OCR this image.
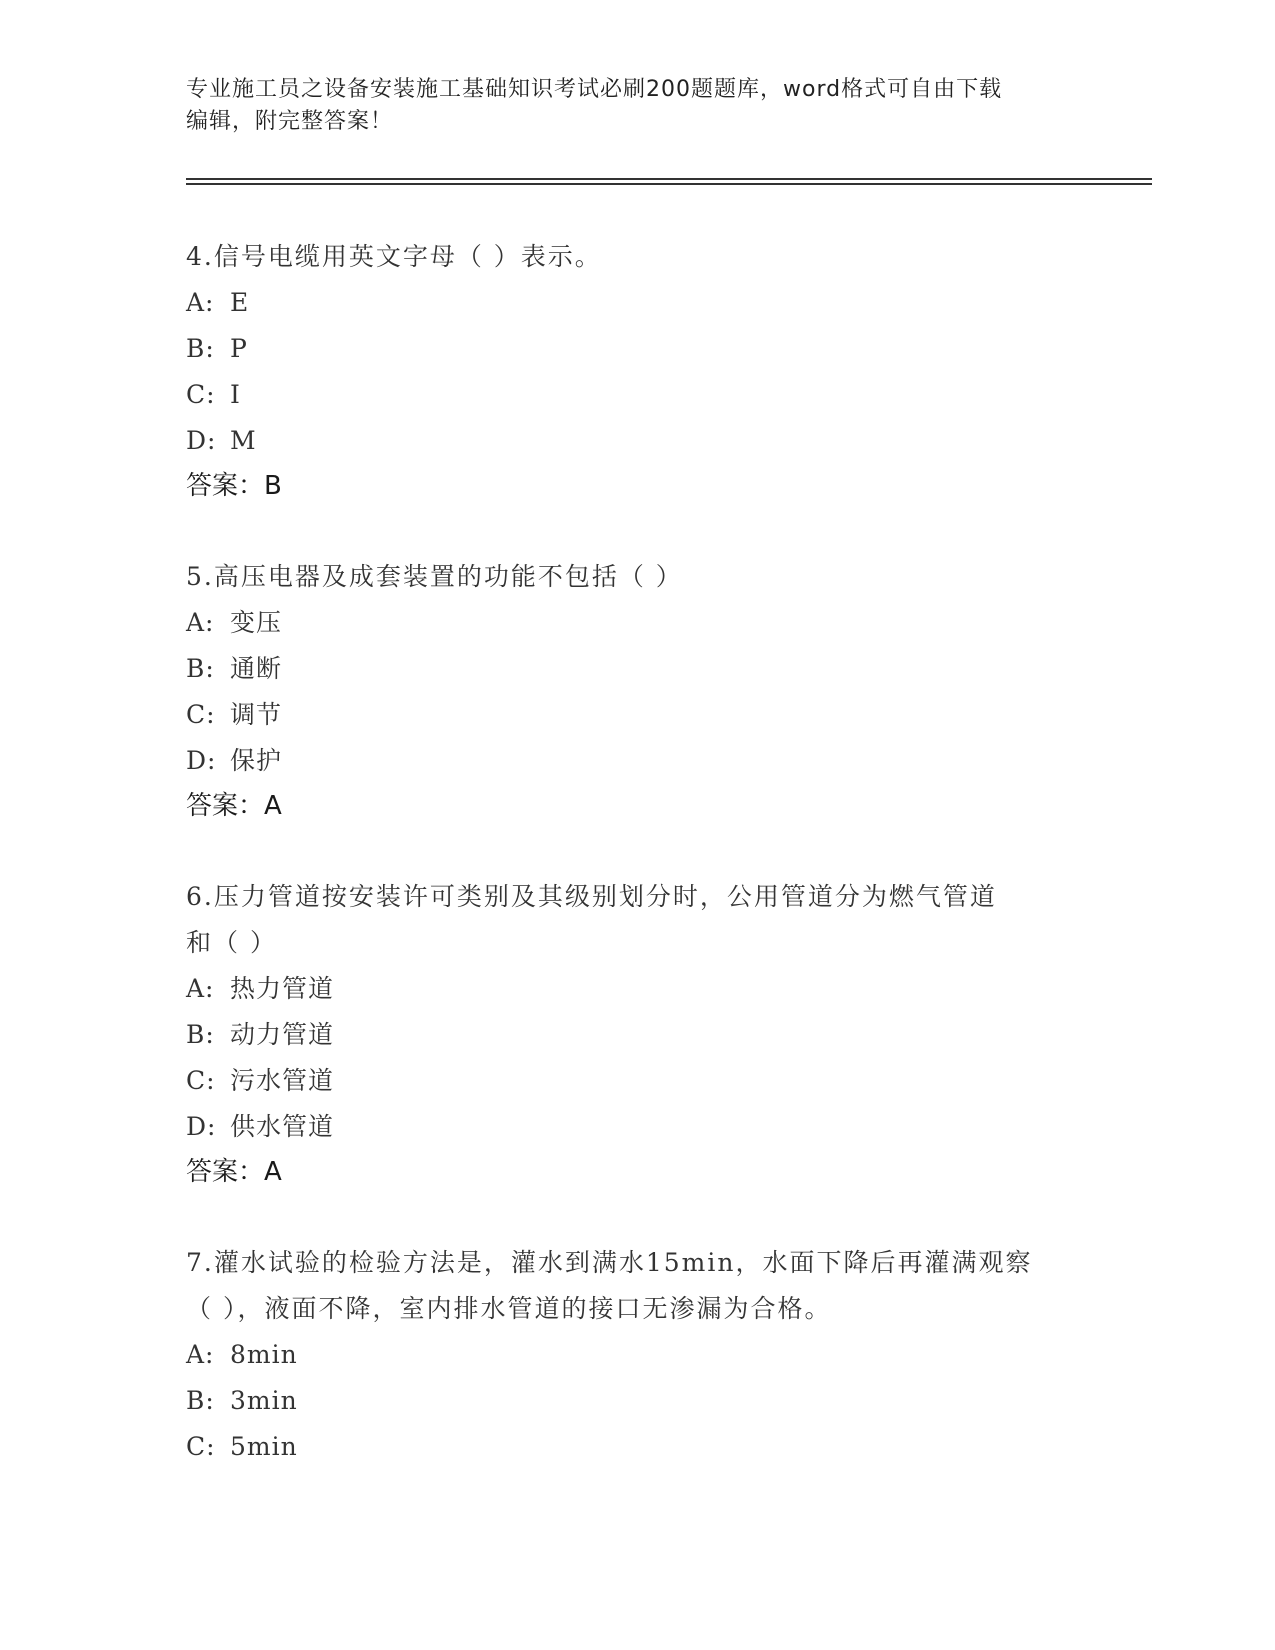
专业施工员之设备安装施工基础知识考试必刷200题题库，word格式可自由下载
编辑，附完整答案！

4.信号电缆用英文字母（ ）表示。

A: E

B: P

C: I

D: M

答案：B

5.高压电器及成套装置的功能不包括（ ）

A: 变压

B: 通断

C: 调节

D: 保护

答案：A

6.压力管道按安装许可类别及其级别划分时，公用管道分为燃气管道

和（ ）

A: 热力管道

B: 动力管道

C: 污水管道

D: 供水管道

答案：A

7.灌水试验的检验方法是，灌水到满水15min，水面下降后再灌满观察

（ ），液面不降，室内排水管道的接口无渗漏为合格。

A: 8min

B: 3min

C: 5min
